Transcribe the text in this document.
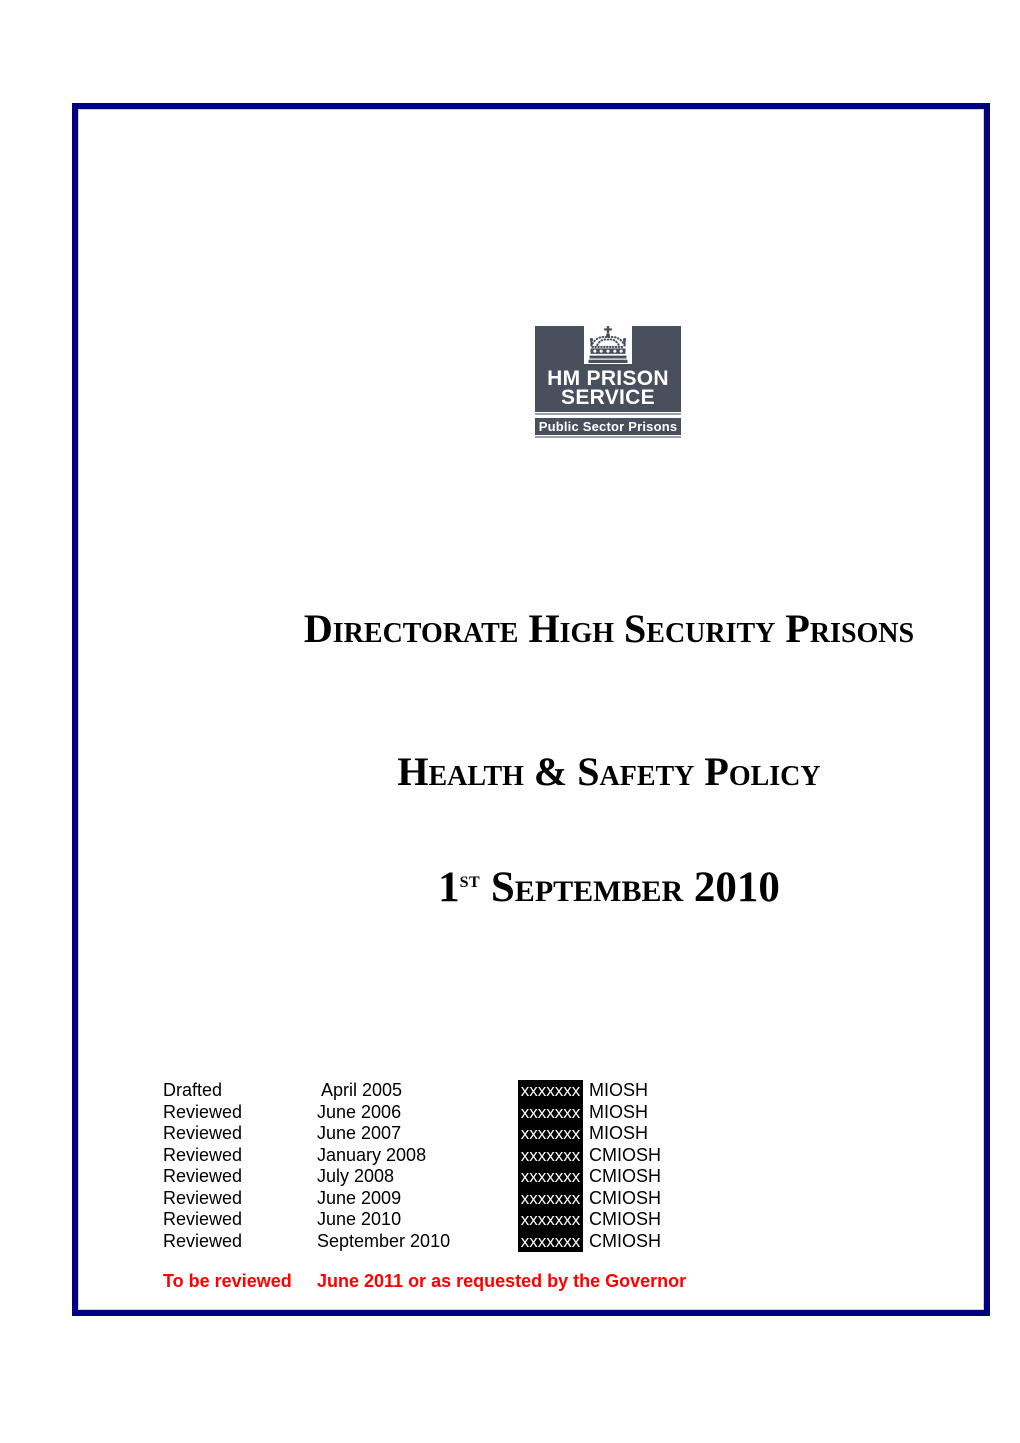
HM PRISON
SERVICE
Public Sector Prisons
Directorate High Security Prisons
Health & Safety Policy
1st September 2010
Drafted	April 2005	xxxxxxx MIOSH
Reviewed	June 2006	xxxxxxx MIOSH
Reviewed	June 2007	xxxxxxx MIOSH
Reviewed	January 2008	xxxxxxx CMIOSH
Reviewed	July 2008	xxxxxxx CMIOSH
Reviewed	June 2009	xxxxxxx CMIOSH
Reviewed	June 2010	xxxxxxx CMIOSH
Reviewed	September 2010	xxxxxxx CMIOSH
To be reviewed June 2011 or as requested by the Governor
